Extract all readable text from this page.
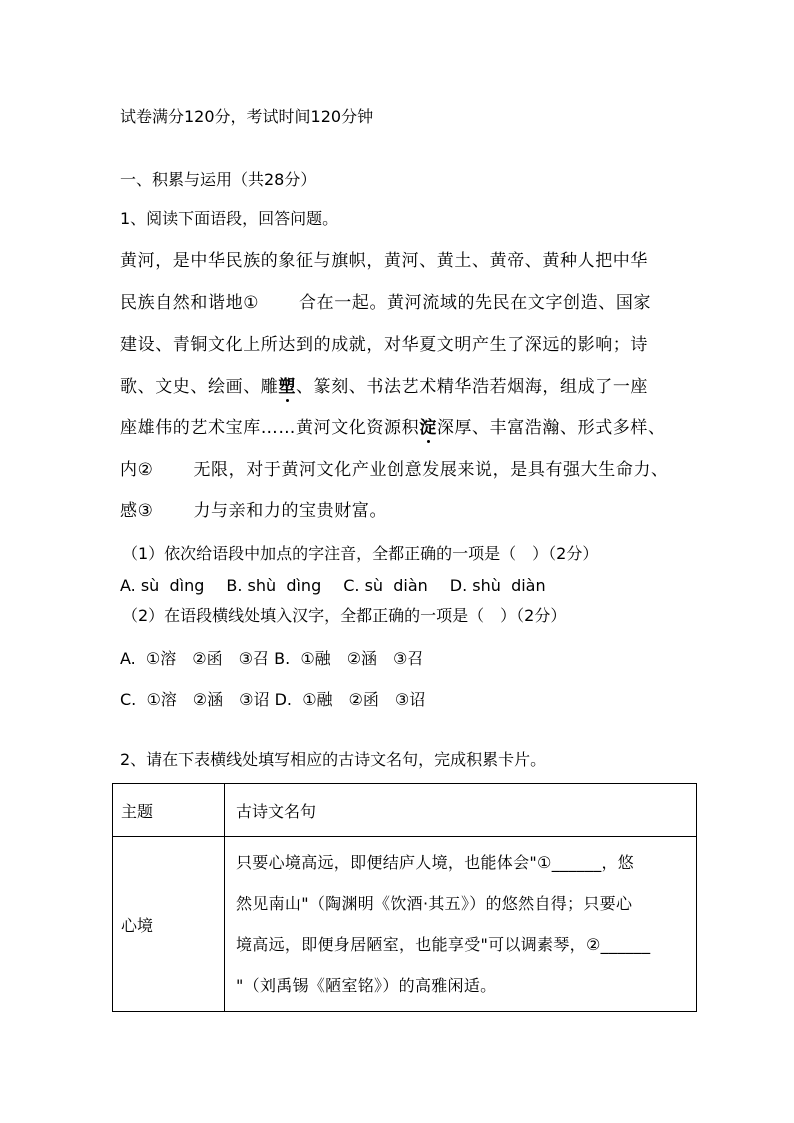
试卷满分120分，考试时间120分钟
一、积累与运用（共28分）
1、阅读下面语段，回答问题。
黄河，是中华民族的象征与旗帜，黄河、黄土、黄帝、黄种人把中华
民族自然和谐地① 合在一起。黄河流域的先民在文字创造、国家
建设、青铜文化上所达到的成就，对华夏文明产生了深远的影响；诗
歌、文史、绘画、雕塑、篆刻、书法艺术精华浩若烟海，组成了一座
座雄伟的艺术宝库……黄河文化资源积淀深厚、丰富浩瀚、形式多样、
内② 无限，对于黄河文化产业创意发展来说，是具有强大生命力、
感③ 力与亲和力的宝贵财富。
（1）依次给语段中加点的字注音，全都正确的一项是（　）（2分）
A. sù  dìng B. shù  dìng C. sù  diàn D. shù  diàn
（2）在语段横线处填入汉字，全都正确的一项是（　）（2分）
A. ①溶 ②函 ③召 B. ①融 ②涵 ③召
C. ①溶 ②涵 ③诏 D. ①融 ②函 ③诏
2、请在下表横线处填写相应的古诗文名句，完成积累卡片。
主题	古诗文名句
心境	只要心境高远，即便结庐人境，也能体会"①______，悠
然见南山"（陶渊明《饮酒·其五》）的悠然自得；只要心
境高远，即便身居陋室，也能享受"可以调素琴，②______
"（刘禹锡《陋室铭》）的高雅闲适。
